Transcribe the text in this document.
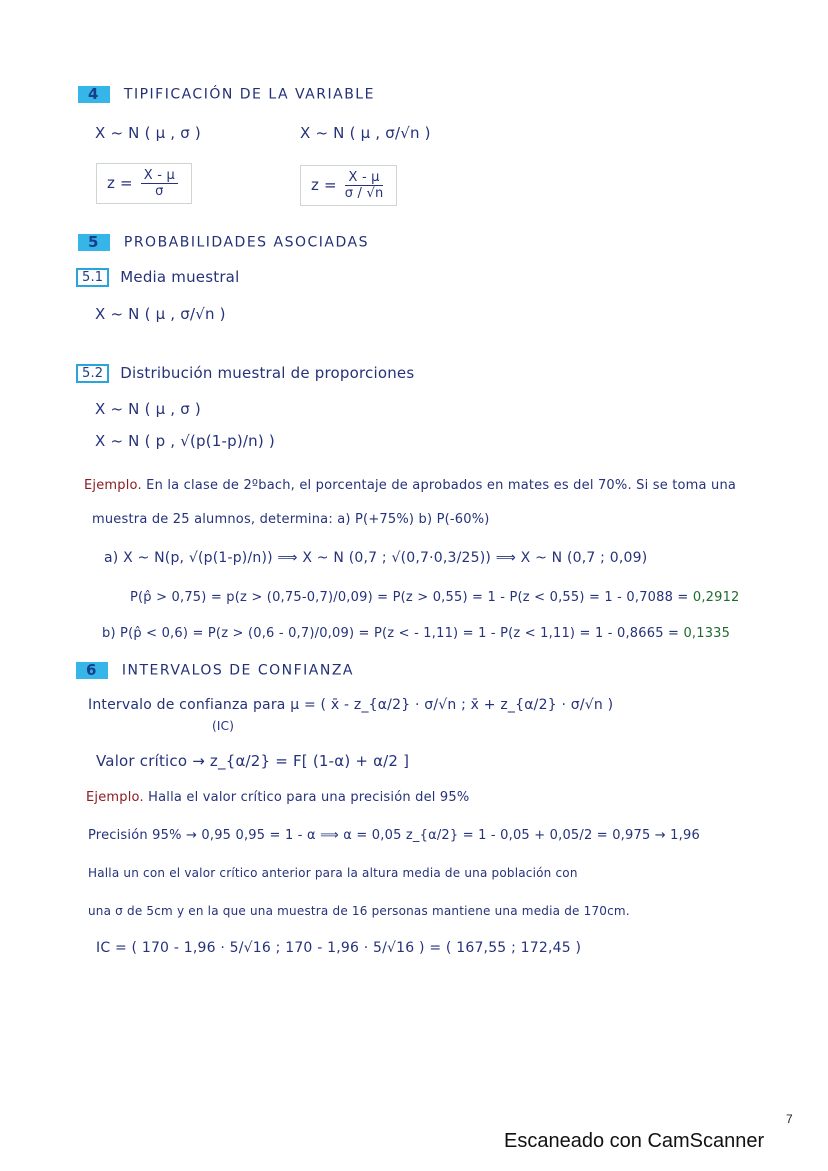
4 TIPIFICACIÓN DE LA VARIABLE
X ~ N ( μ , σ )	X ~ N ( μ , σ/√n )
$z = \frac{X - \mu}{\sigma}$	$z = \frac{X - \mu}{\sigma / √n}$
5 PROBABILIDADES ASOCIADAS
5.1 Media muestral
X ~ N ( μ , σ/√n )
5.2 Distribución muestral de proporciones
X ~ N ( μ , σ )
X ~ N ( p , √(p(1-p)/n) )
Ejemplo. En la clase de 2ºbach, el porcentaje de aprobados en mates es del 70%. Si se toma una
muestra de 25 alumnos, determina: a) P(+75%) b) P(-60%)
a) X ~ N(p, √(p(1-p)/n)) ⟹ X ~ N (0,7 ; √(0,7·0,3/25)) ⟹ X ~ N (0,7 ; 0,09)
P(p̂ > 0,75) = p(z > (0,75-0,7)/0,09) = P(z > 0,55) = 1 - P(z < 0,55) = 1 - 0,7088 = 0,2912
b) P(p̂ < 0,6) = P(z > (0,6 - 0,7)/0,09) = P(z < - 1,11) = 1 - P(z < 1,11) = 1 - 0,8665 = 0,1335
6 INTERVALOS DE CONFIANZA
Intervalo de confianza para μ = ( x̄ - z_{α/2} · σ/√n ; x̄ + z_{α/2} · σ/√n )
(IC)
Valor crítico → z_{α/2} = F[ (1-α) + α/2 ]
Ejemplo. Halla el valor crítico para una precisión del 95%
Precisión 95% → 0,95 0,95 = 1 - α ⟹ α = 0,05 z_{α/2} = 1 - 0,05 + 0,05/2 = 0,975 → 1,96
Halla un con el valor crítico anterior para la altura media de una población con
una σ de 5cm y en la que una muestra de 16 personas mantiene una media de 170cm.
IC = ( 170 - 1,96 · 5/√16 ; 170 - 1,96 · 5/√16 ) = ( 167,55 ; 172,45 )
7
Escaneado con CamScanner
